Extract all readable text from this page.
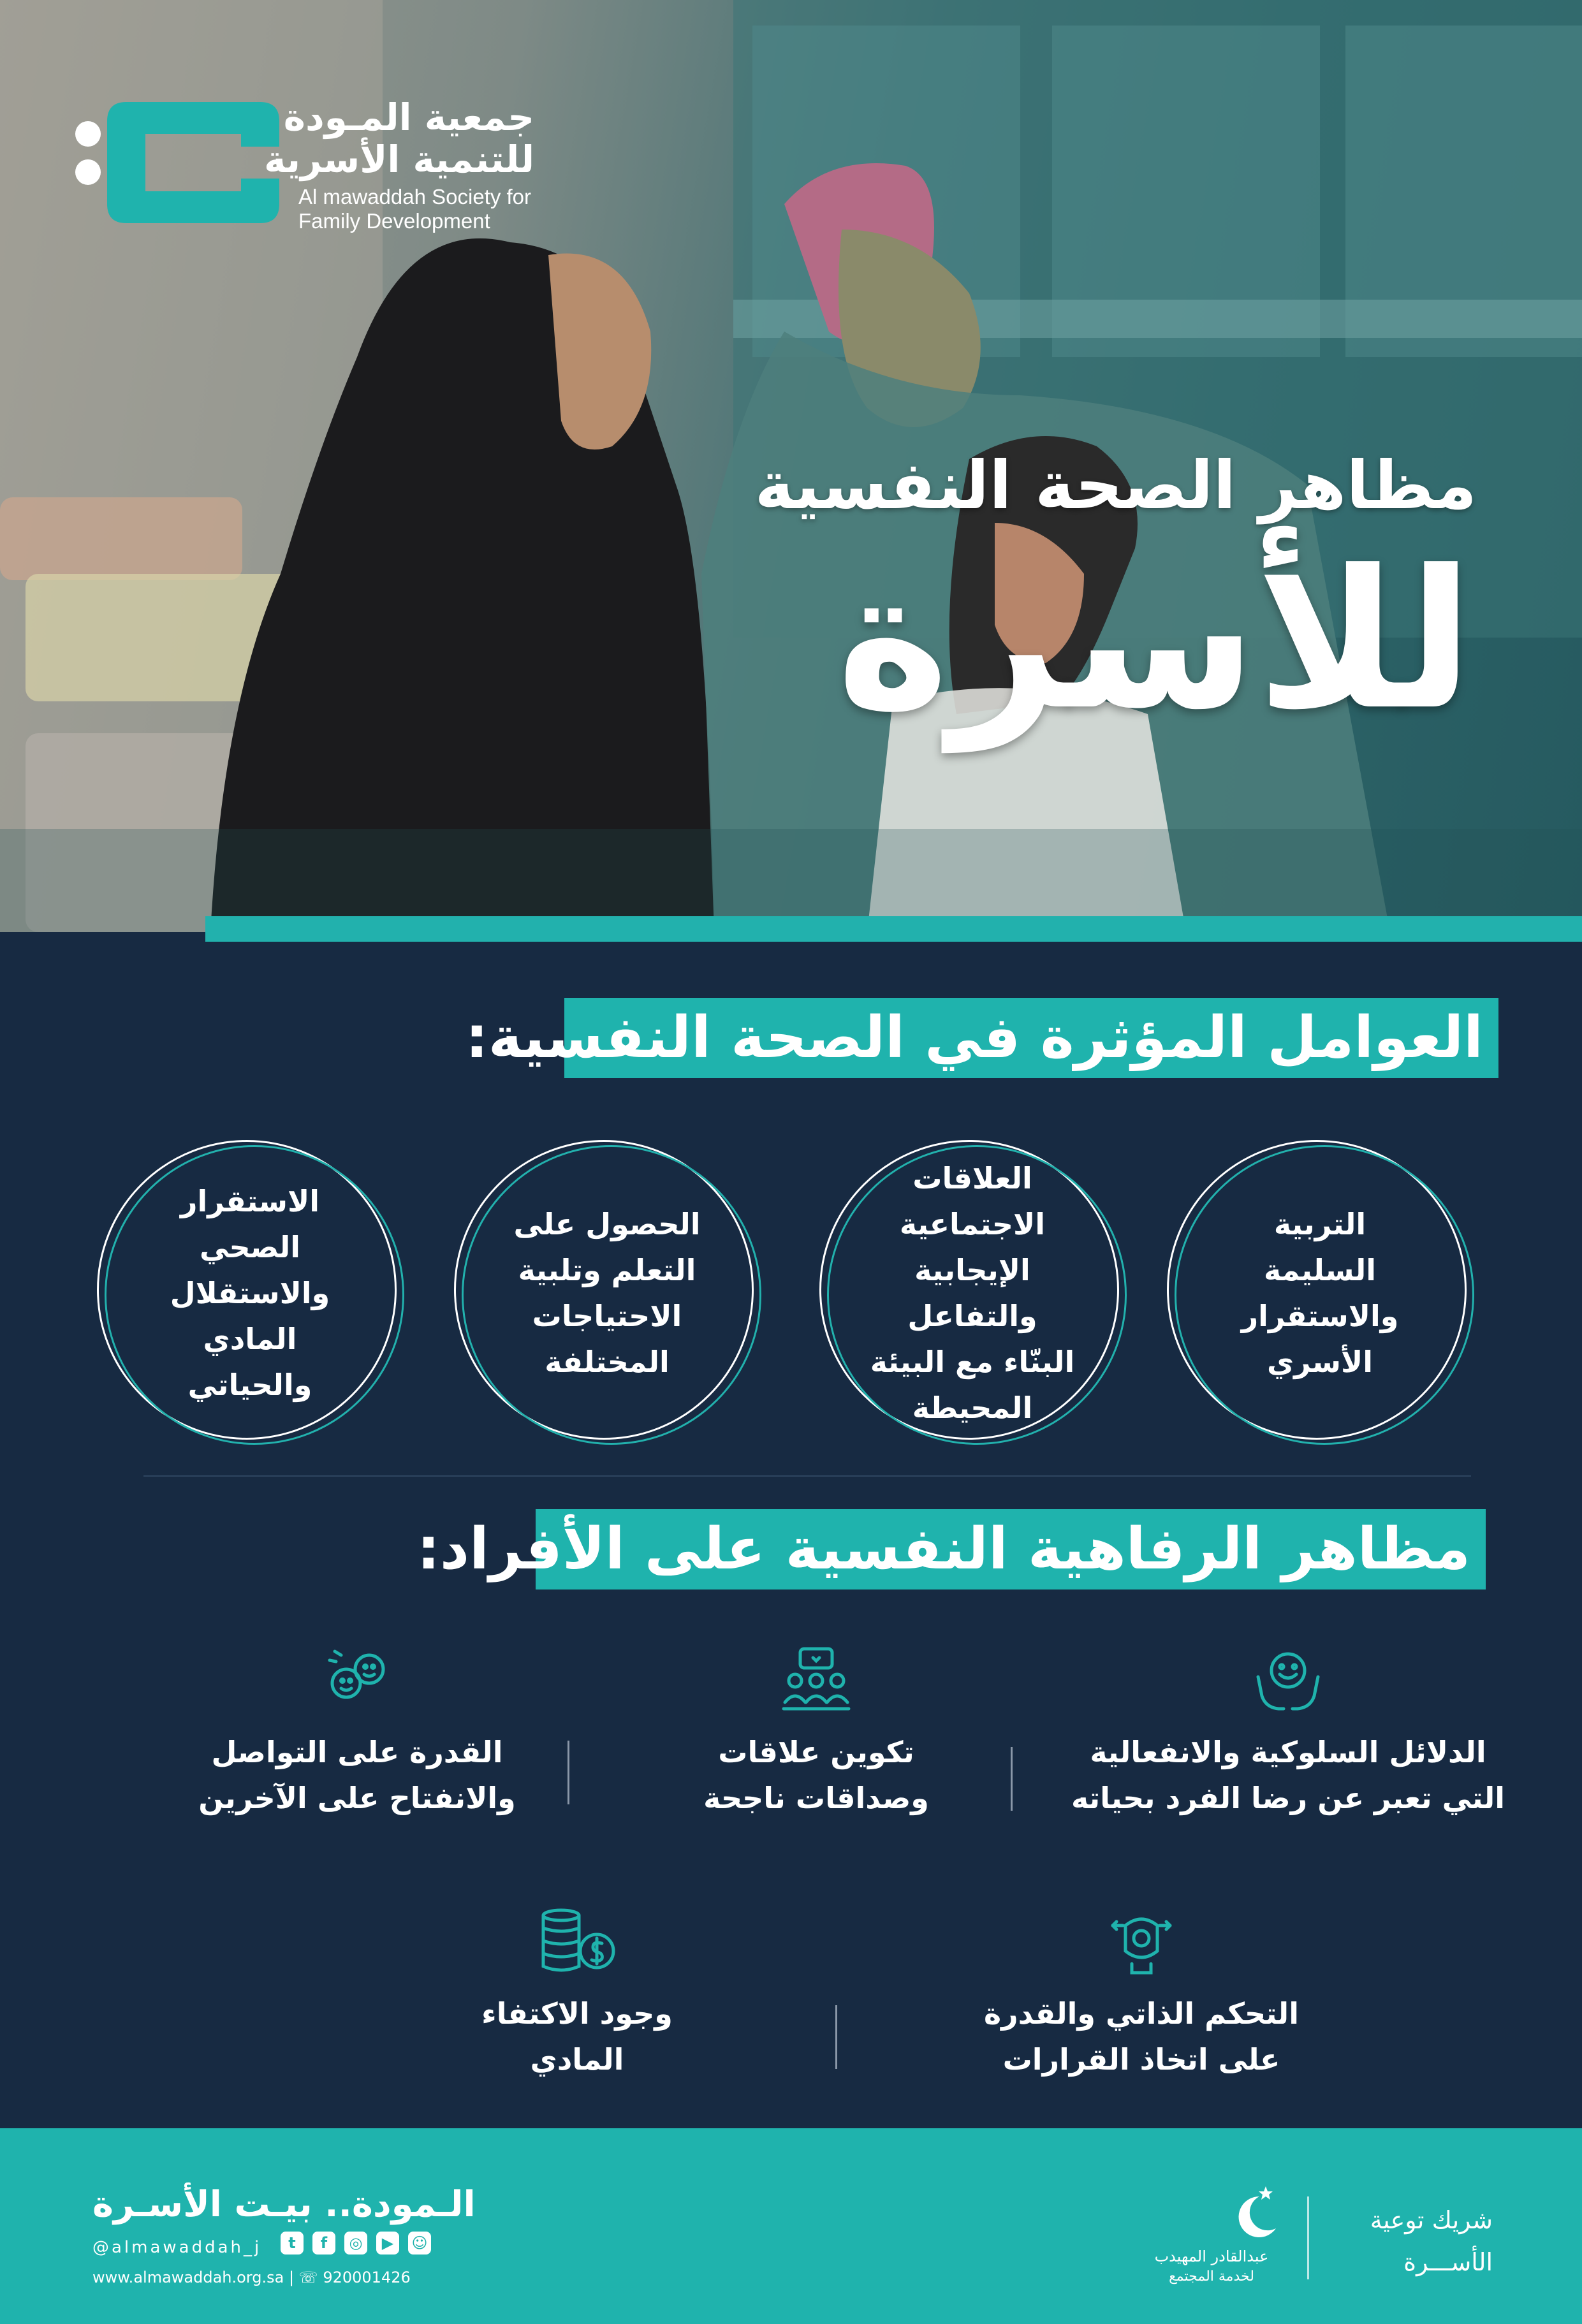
جمعية المـودة
للتنمية الأسرية
Al mawaddah Society for
Family Development
مظاهر الصحة النفسية
للأسرة
العوامل المؤثرة في الصحة النفسية:
التربية
السليمة
والاستقرار
الأسري
العلاقات الاجتماعية
الإيجابية والتفاعل
البنّاء مع البيئة
المحيطة
الحصول على
التعلم وتلبية
الاحتياجات
المختلفة
الاستقرار الصحي
والاستقلال المادي
والحياتي
مظاهر الرفاهية النفسية على الأفراد:
الدلائل السلوكية والانفعالية
التي تعبر عن رضا الفرد بحياته
تكوين علاقات
وصداقات ناجحة
القدرة على التواصل
والانفتاح على الآخرين
التحكم الذاتي والقدرة
على اتخاذ القرارات
وجود الاكتفاء
المادي
الـمودة.. بيـت الأسـرة
@almawaddah_j	t	f	◎	▶	☺
www.almawaddah.org.sa | ☏ 920001426
عبدالقادر المهيدب
لخدمة المجتمع
شريك توعية
الأســـرة
